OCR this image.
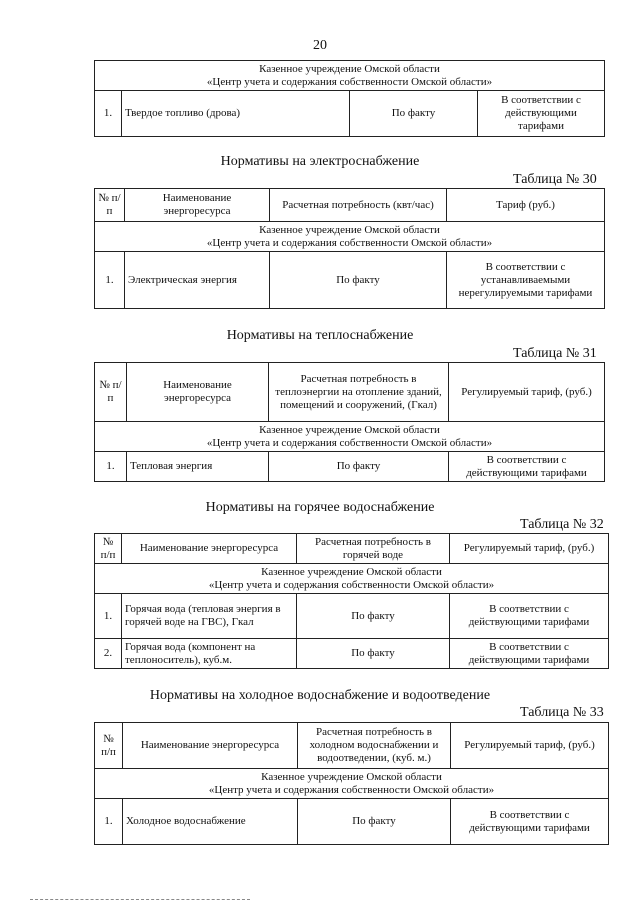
20
Казенное учреждение Омской области
«Центр учета и содержания собственности Омской области»

1.	Твердое топливо (дрова)	По факту	В соответствии с действующими тарифами
Нормативы на электроснабжение
Таблица № 30
№ п/п	Наименование энергоресурса	Расчетная потребность (квт/час)	Тариф (руб.)

Казенное учреждение Омской области
«Центр учета и содержания собственности Омской области»			

1.	Электрическая энергия	По факту	В соответствии с устанавливаемыми нерегулируемыми тарифами
Нормативы на теплоснабжение
Таблица № 31
№ п/п	Наименование энергоресурса	Расчетная потребность в теплоэнергии на отопление зданий, помещений и сооружений, (Гкал)	Регулируемый тариф, (руб.)

Казенное учреждение Омской области
«Центр учета и содержания собственности Омской области»			

1.	Тепловая энергия	По факту	В соответствии с действующими тарифами
Нормативы на горячее водоснабжение
Таблица № 32
№ п/п	Наименование энергоресурса	Расчетная потребность в горячей воде	Регулируемый тариф, (руб.)

Казенное учреждение Омской области
«Центр учета и содержания собственности Омской области»			

1.	Горячая вода (тепловая энергия в горячей воде на ГВС), Гкал	По факту	В соответствии с действующими тарифами
2.	Горячая вода (компонент на теплоноситель), куб.м.	По факту	В соответствии с действующими тарифами
Нормативы на холодное водоснабжение и водоотведение
Таблица № 33
№ п/п	Наименование энергоресурса	Расчетная потребность в холодном водоснабжении и водоотведении, (куб. м.)	Регулируемый тариф, (руб.)

Казенное учреждение Омской области
«Центр учета и содержания собственности Омской области»			

1.	Холодное водоснабжение	По факту	В соответствии с действующими тарифами
